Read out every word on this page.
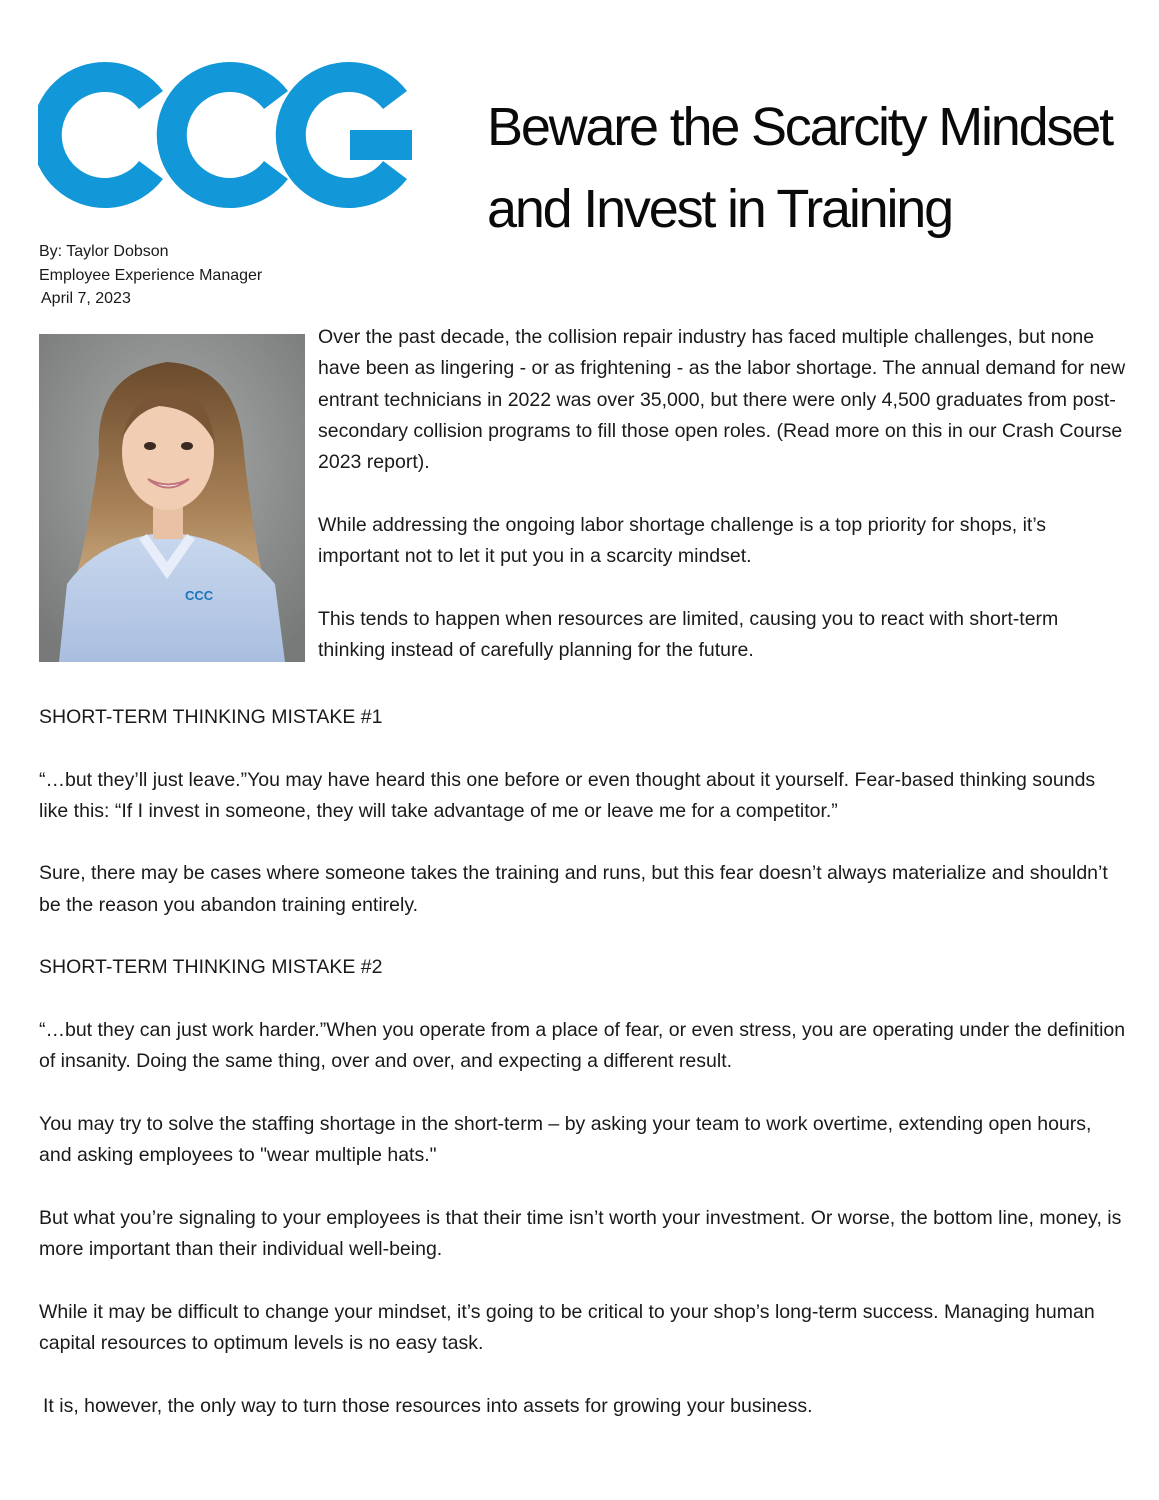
Beware the Scarcity Mindset
and Invest in Training
By: Taylor Dobson
Employee Experience Manager
April 7, 2023
CCC

Over the past decade, the collision repair industry has faced multiple challenges, but none have been as lingering - or as frightening - as the labor shortage. The annual demand for new entrant technicians in 2022 was over 35,000, but there were only 4,500 graduates from post-secondary collision programs to fill those open roles. (Read more on this in our Crash Course 2023 report).

While addressing the ongoing labor shortage challenge is a top priority for shops, it’s important not to let it put you in a scarcity mindset.

This tends to happen when resources are limited, causing you to react with short-term thinking instead of carefully planning for the future.

SHORT-TERM THINKING MISTAKE #1

“…but they’ll just leave.”You may have heard this one before or even thought about it yourself. Fear-based thinking sounds like this: “If I invest in someone, they will take advantage of me or leave me for a competitor.”

Sure, there may be cases where someone takes the training and runs, but this fear doesn’t always materialize and shouldn’t be the reason you abandon training entirely.

SHORT-TERM THINKING MISTAKE #2

“…but they can just work harder.”When you operate from a place of fear, or even stress, you are operating under the definition of insanity. Doing the same thing, over and over, and expecting a different result.

You may try to solve the staffing shortage in the short-term – by asking your team to work overtime, extending open hours, and asking employees to "wear multiple hats."

But what you’re signaling to your employees is that their time isn’t worth your investment. Or worse, the bottom line, money, is more important than their individual well-being.

While it may be difficult to change your mindset, it’s going to be critical to your shop’s long-term success. Managing human capital resources to optimum levels is no easy task.

It is, however, the only way to turn those resources into assets for growing your business.
